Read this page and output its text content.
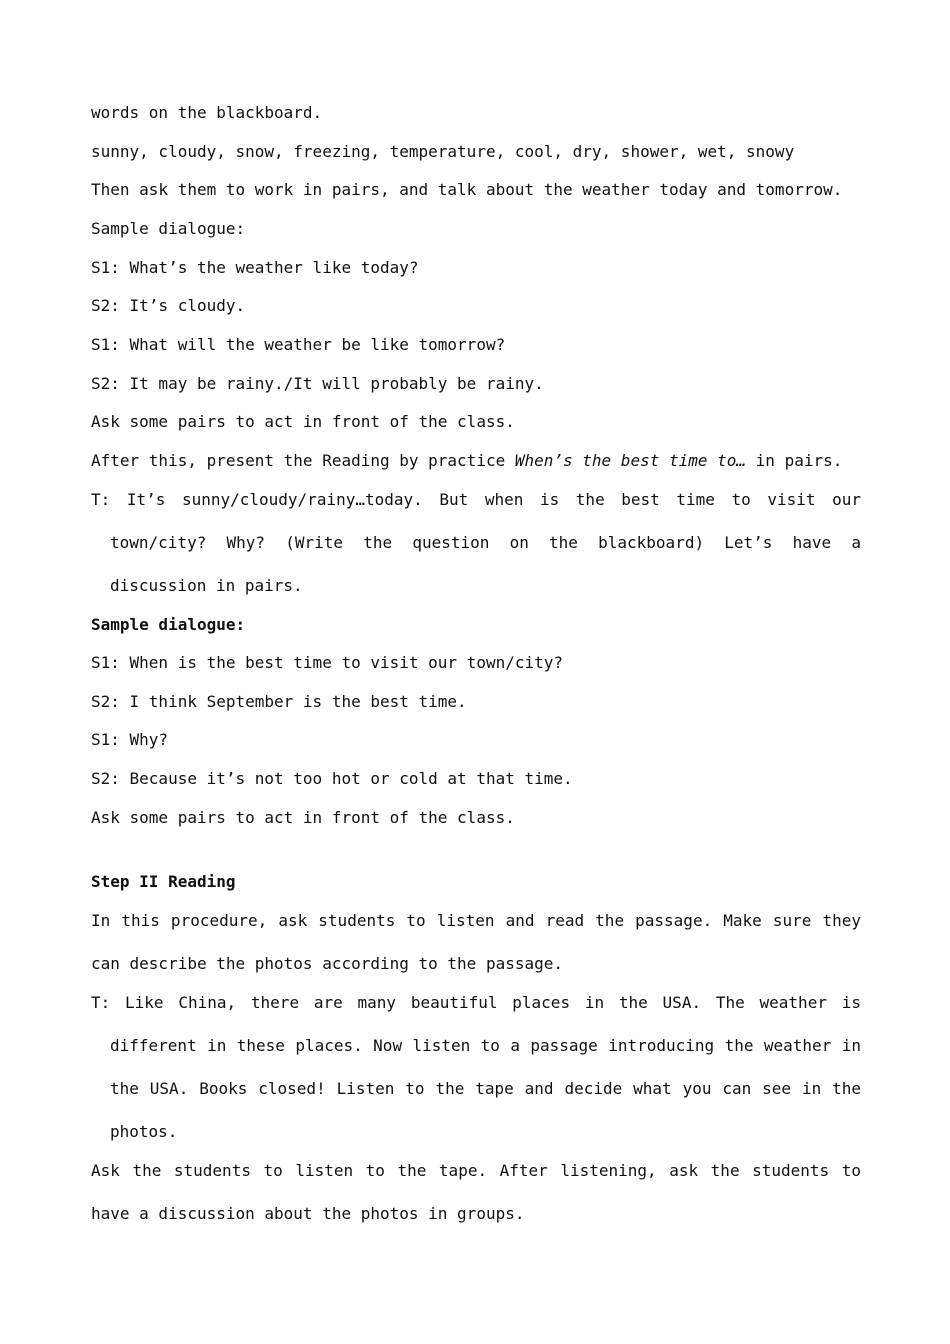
words on the blackboard.

sunny, cloudy, snow, freezing, temperature, cool, dry, shower, wet, snowy

Then ask them to work in pairs, and talk about the weather today and tomorrow.

Sample dialogue:

S1: What’s the weather like today?

S2: It’s cloudy.

S1: What will the weather be like tomorrow?

S2: It may be rainy./It will probably be rainy.

Ask some pairs to act in front of the class.

After this, present the Reading by practice When’s the best time to… in pairs.

T: It’s sunny/cloudy/rainy…today. But when is the best time to visit our

town/city? Why? (Write the question on the blackboard) Let’s have a

discussion in pairs.

Sample dialogue:

S1: When is the best time to visit our town/city?

S2: I think September is the best time.

S1: Why?

S2: Because it’s not too hot or cold at that time.

Ask some pairs to act in front of the class.

Step II Reading

In this procedure, ask students to listen and read the passage. Make sure they

can describe the photos according to the passage.

T: Like China, there are many beautiful places in the USA. The weather is

different in these places. Now listen to a passage introducing the weather in

the USA. Books closed! Listen to the tape and decide what you can see in the

photos.

Ask the students to listen to the tape. After listening, ask the students to

have a discussion about the photos in groups.
